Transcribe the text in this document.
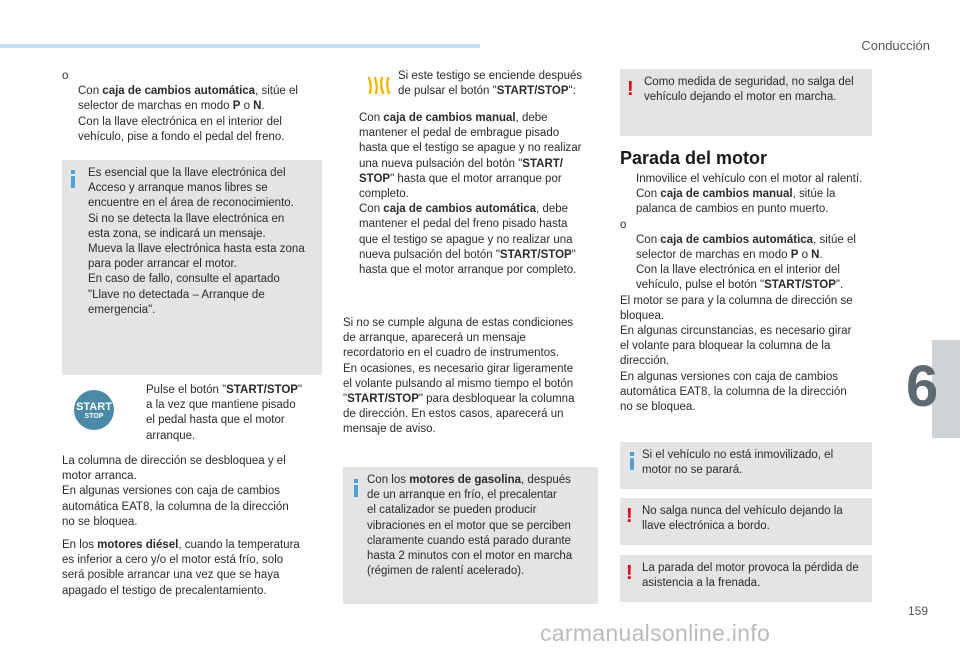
Conducción

o

Con caja de cambios automática, sitúe el selector de marchas en modo P o N.

Con la llave electrónica en el interior del vehículo, pise a fondo el pedal del freno.

Es esencial que la llave electrónica del

Acceso y arranque manos libres se

encuentre en el área de reconocimiento.

Si no se detecta la llave electrónica en

esta zona, se indicará un mensaje.

Mueva la llave electrónica hasta esta zona

para poder arrancar el motor.

En caso de fallo, consulte el apartado

"Llave no detectada – Arranque de

emergencia".

START
STOP

Pulse el botón "START/STOP"

a la vez que mantiene pisado

el pedal hasta que el motor

arranque.

La columna de dirección se desbloquea y el

motor arranca.

En algunas versiones con caja de cambios

automática EAT8, la columna de la dirección

no se bloquea.

En los motores diésel, cuando la temperatura

es inferior a cero y/o el motor está frío, solo

será posible arrancar una vez que se haya

apagado el testigo de precalentamiento.

Si este testigo se enciende después

de pulsar el botón "START/STOP":

Con caja de cambios manual, debe

mantener el pedal de embrague pisado

hasta que el testigo se apague y no realizar

una nueva pulsación del botón "START/

STOP" hasta que el motor arranque por

completo.

Con caja de cambios automática, debe

mantener el pedal del freno pisado hasta

que el testigo se apague y no realizar una

nueva pulsación del botón "START/STOP"

hasta que el motor arranque por completo.

Si no se cumple alguna de estas condiciones

de arranque, aparecerá un mensaje

recordatorio en el cuadro de instrumentos.

En ocasiones, es necesario girar ligeramente

el volante pulsando al mismo tiempo el botón

"START/STOP" para desbloquear la columna

de dirección. En estos casos, aparecerá un

mensaje de aviso.

Con los motores de gasolina, después

de un arranque en frío, el precalentar

el catalizador se pueden producir

vibraciones en el motor que se perciben

claramente cuando está parado durante

hasta 2 minutos con el motor en marcha

(régimen de ralentí acelerado).

! Como medida de seguridad, no salga del

vehículo dejando el motor en marcha.

Parada del motor

Inmovilice el vehículo con el motor al ralentí.

Con caja de cambios manual, sitúe la

palanca de cambios en punto muerto.

o

Con caja de cambios automática, sitúe el

selector de marchas en modo P o N.

Con la llave electrónica en el interior del

vehículo, pulse el botón "START/STOP".

El motor se para y la columna de dirección se

bloquea.

En algunas circunstancias, es necesario girar

el volante para bloquear la columna de la

dirección.

En algunas versiones con caja de cambios

automática EAT8, la columna de la dirección

no se bloquea.

Si el vehículo no está inmovilizado, el

motor no se parará.

! No salga nunca del vehículo dejando la

llave electrónica a bordo.

! La parada del motor provoca la pérdida de

asistencia a la frenada.

6
159
carmanualsonline.info
